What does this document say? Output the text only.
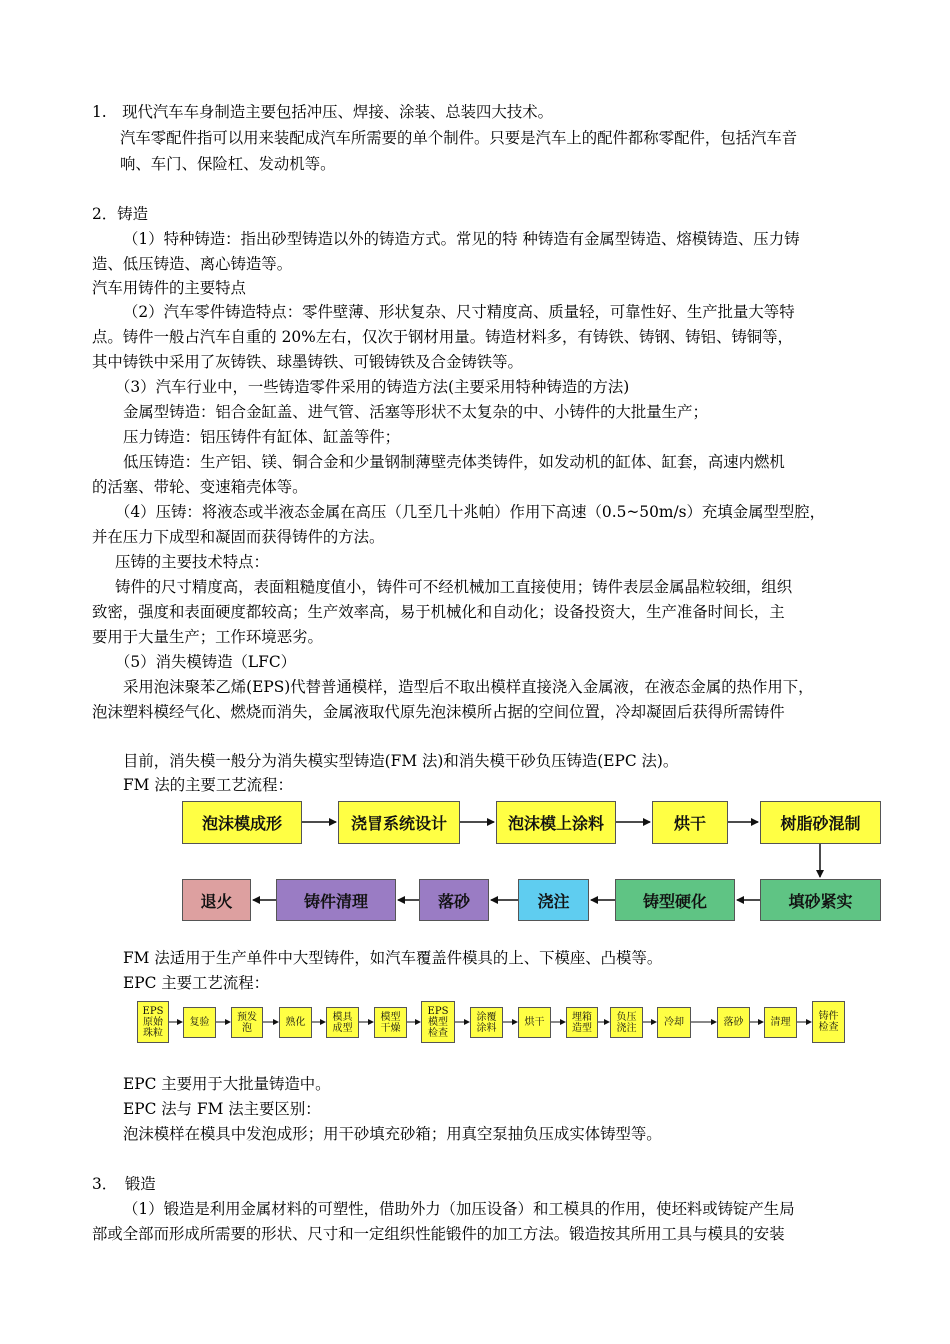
1.　现代汽车车身制造主要包括冲压、焊接、涂装、总装四大技术。
汽车零配件指可以用来装配成汽车所需要的单个制件。只要是汽车上的配件都称零配件，包括汽车音
响、车门、保险杠、发动机等。
2．铸造
（1）特种铸造：指出砂型铸造以外的铸造方式。常见的特 种铸造有金属型铸造、熔模铸造、压力铸
造、低压铸造、离心铸造等。
汽车用铸件的主要特点
（2）汽车零件铸造特点：零件壁薄、形状复杂、尺寸精度高、质量轻，可靠性好、生产批量大等特
点。铸件一般占汽车自重的 20%左右，仅次于钢材用量。铸造材料多，有铸铁、铸钢、铸铝、铸铜等，
其中铸铁中采用了灰铸铁、球墨铸铁、可锻铸铁及合金铸铁等。
（3）汽车行业中，一些铸造零件采用的铸造方法(主要采用特种铸造的方法)
金属型铸造：铝合金缸盖、进气管、活塞等形状不太复杂的中、小铸件的大批量生产；
压力铸造：铝压铸件有缸体、缸盖等件；
低压铸造：生产铝、镁、铜合金和少量钢制薄壁壳体类铸件，如发动机的缸体、缸套，高速内燃机
的活塞、带轮、变速箱壳体等。
（4）压铸：将液态或半液态金属在高压（几至几十兆帕）作用下高速（0.5~50m/s）充填金属型型腔，
并在压力下成型和凝固而获得铸件的方法。
压铸的主要技术特点：
铸件的尺寸精度高，表面粗糙度值小，铸件可不经机械加工直接使用；铸件表层金属晶粒较细，组织
致密，强度和表面硬度都较高；生产效率高，易于机械化和自动化；设备投资大，生产准备时间长，主
要用于大量生产；工作环境恶劣。
（5）消失模铸造（LFC）
采用泡沫聚苯乙烯(EPS)代替普通模样，造型后不取出模样直接浇入金属液，在液态金属的热作用下，
泡沫塑料模经气化、燃烧而消失，金属液取代原先泡沫模所占据的空间位置，冷却凝固后获得所需铸件
目前，消失模一般分为消失模实型铸造(FM 法)和消失模干砂负压铸造(EPC 法)。
FM 法的主要工艺流程：
泡沫模成形	浇冒系统设计	泡沫模上涂料	烘干	树脂砂混制
退火	铸件清理	落砂	浇注	铸型硬化	填砂紧实
FM 法适用于生产单件中大型铸件，如汽车覆盖件模具的上、下模座、凸模等。
EPC 主要工艺流程：
EPS
原始
珠粒
复验	预发
泡	熟化	模具
成型
模型
干燥
EPS
模型
检查
涂覆
涂料	烘干	埋箱
造型
负压
浇注	冷却	落砂	清理
铸件
检查
EPC 主要用于大批量铸造中。
EPC 法与 FM 法主要区别：
泡沫模样在模具中发泡成形；用干砂填充砂箱；用真空泵抽负压成实体铸型等。
3．　锻造
（1）锻造是利用金属材料的可塑性，借助外力（加压设备）和工模具的作用，使坯料或铸锭产生局
部或全部而形成所需要的形状、尺寸和一定组织性能锻件的加工方法。锻造按其所用工具与模具的安装
